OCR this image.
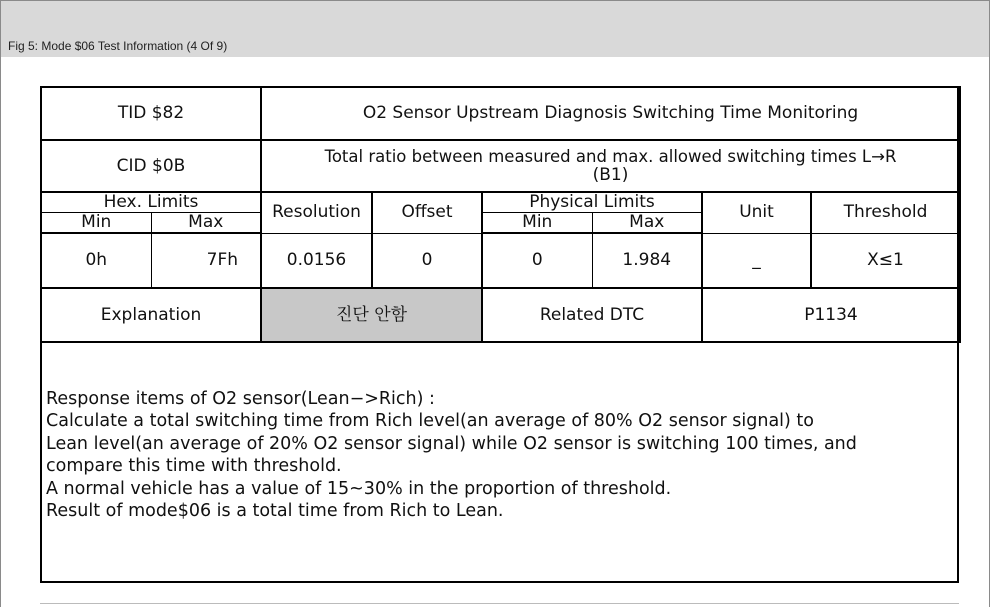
Fig 5: Mode $06 Test Information (4 Of 9)
TID $82		O2 Sensor Upstream Diagnosis Switching Time Monitoring					
CID $0B		Total ratio between measured and max. allowed switching times L→R
(B1)					

Hex. Limits		Resolution	Offset	Physical Limits		Unit	Threshold
Min	Max			Min	Max		
0h	7Fh	0.0156	0	0	1.984	_	X≤1
Explanation		진단 안함		Related DTC		P1134	
Response items of O2 sensor(Lean−>Rich) :
Calculate a total switching time from Rich level(an average of 80% O2 sensor signal) to
Lean level(an average of 20% O2 sensor signal) while O2 sensor is switching 100 times, and
compare this time with threshold.
A normal vehicle has a value of 15~30% in the proportion of threshold.
Result of mode$06 is a total time from Rich to Lean.
